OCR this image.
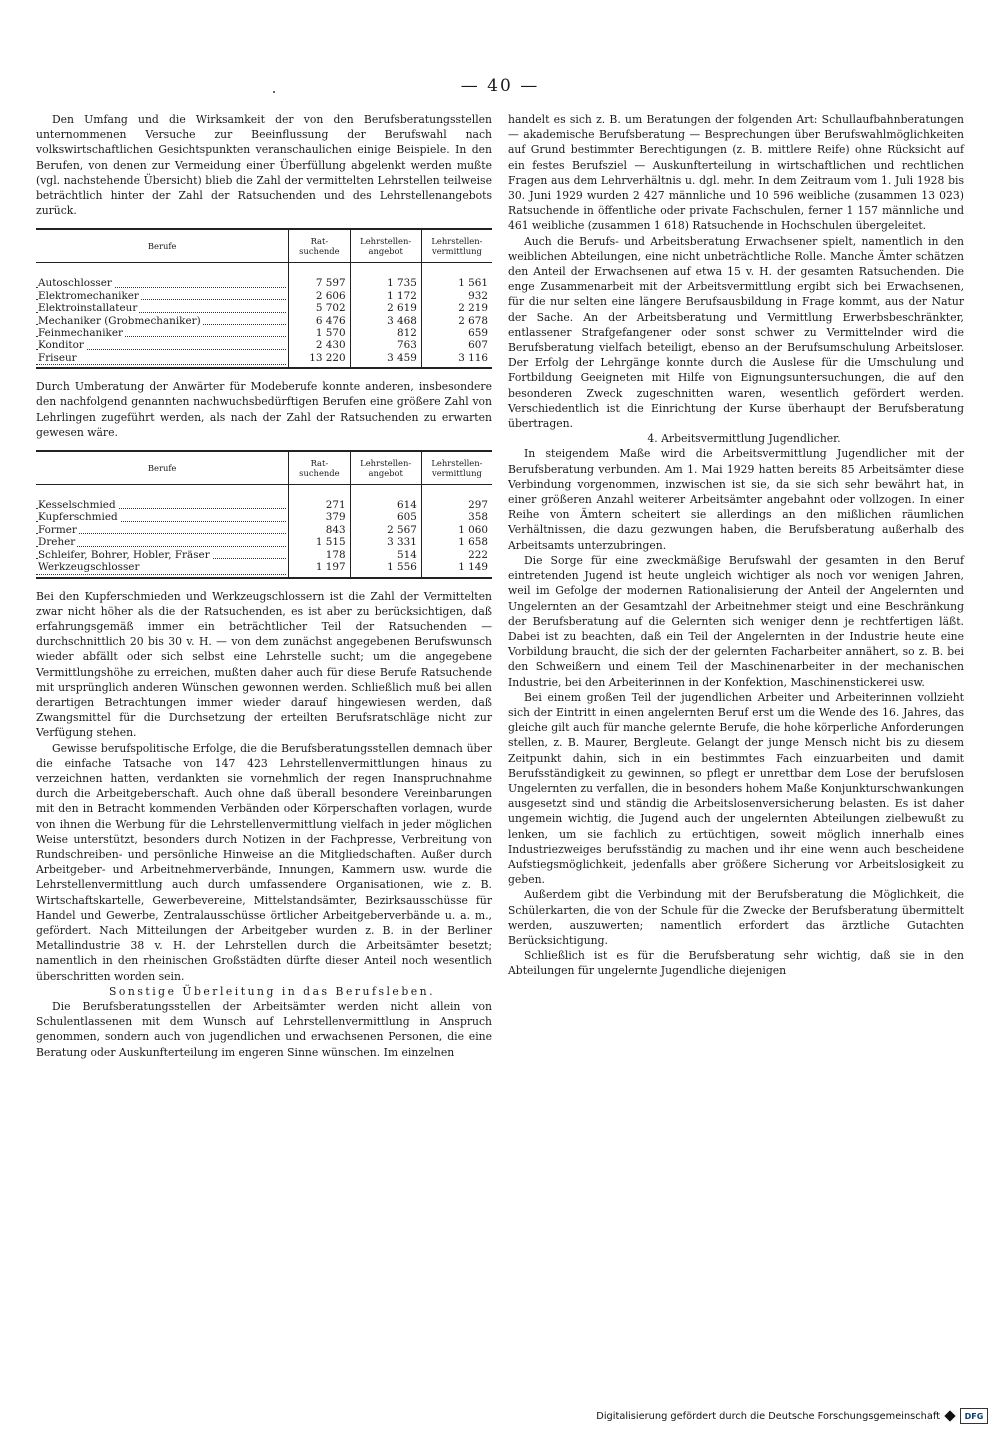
— 40 —

Den Umfang und die Wirksamkeit der von den Berufsberatungsstellen unternommenen Versuche zur Beeinflussung der Berufswahl nach volkswirtschaftlichen Gesichtspunkten veranschaulichen einige Beispiele. In den Berufen, von denen zur Vermeidung einer Überfüllung abgelenkt werden mußte (vgl. nachstehende Übersicht) blieb die Zahl der vermittelten Lehrstellen teilweise beträchtlich hinter der Zahl der Ratsuchenden und des Lehrstellenangebots zurück.

Berufe	Rat-suchende	Lehrstellen-angebot	Lehrstellen-vermittlung

Autoschlosser	7 597	1 735	1 561

Elektromechaniker	2 606	1 172	932

Elektroinstallateur	5 702	2 619	2 219

Mechaniker (Grobmechaniker)	6 476	3 468	2 678

Feinmechaniker	1 570	812	659

Konditor	2 430	763	607

Friseur	13 220	3 459	3 116

Durch Umberatung der Anwärter für Modeberufe konnte anderen, insbesondere den nachfolgend genannten nachwuchsbedürftigen Berufen eine größere Zahl von Lehrlingen zugeführt werden, als nach der Zahl der Ratsuchenden zu erwarten gewesen wäre.

Berufe	Rat-suchende	Lehrstellen-angebot	Lehrstellen-vermittlung

Kesselschmied	271	614	297

Kupferschmied	379	605	358

Former	843	2 567	1 060

Dreher	1 515	3 331	1 658

Schleifer, Bohrer, Hobler, Fräser	178	514	222

Werkzeugschlosser	1 197	1 556	1 149

Bei den Kupferschmieden und Werkzeugschlossern ist die Zahl der Vermittelten zwar nicht höher als die der Ratsuchenden, es ist aber zu berücksichtigen, daß erfahrungsgemäß immer ein beträchtlicher Teil der Ratsuchenden — durchschnittlich 20 bis 30 v. H. — von dem zunächst angegebenen Berufswunsch wieder abfällt oder sich selbst eine Lehrstelle sucht; um die angegebene Vermittlungshöhe zu erreichen, mußten daher auch für diese Berufe Ratsuchende mit ursprünglich anderen Wünschen gewonnen werden. Schließlich muß bei allen derartigen Betrachtungen immer wieder darauf hingewiesen werden, daß Zwangsmittel für die Durchsetzung der erteilten Berufsratschläge nicht zur Verfügung stehen.

Gewisse berufspolitische Erfolge, die die Berufsberatungsstellen demnach über die einfache Tatsache von 147 423 Lehrstellenvermittlungen hinaus zu verzeichnen hatten, verdankten sie vornehmlich der regen Inanspruchnahme durch die Arbeitgeberschaft. Auch ohne daß überall besondere Vereinbarungen mit den in Betracht kommenden Verbänden oder Körperschaften vorlagen, wurde von ihnen die Werbung für die Lehrstellenvermittlung vielfach in jeder möglichen Weise unterstützt, besonders durch Notizen in der Fachpresse, Verbreitung von Rundschreiben- und persönliche Hinweise an die Mitgliedschaften. Außer durch Arbeitgeber- und Arbeitnehmerverbände, Innungen, Kammern usw. wurde die Lehrstellenvermittlung auch durch umfassendere Organisationen, wie z. B. Wirtschaftskartelle, Gewerbevereine, Mittelstandsämter, Bezirksausschüsse für Handel und Gewerbe, Zentralausschüsse örtlicher Arbeitgeberverbände u. a. m., gefördert. Nach Mitteilungen der Arbeitgeber wurden z. B. in der Berliner Metallindustrie 38 v. H. der Lehrstellen durch die Arbeitsämter besetzt; namentlich in den rheinischen Großstädten dürfte dieser Anteil noch wesentlich überschritten worden sein.

Sonstige Überleitung in das Berufsleben.

Die Berufsberatungsstellen der Arbeitsämter werden nicht allein von Schulentlassenen mit dem Wunsch auf Lehrstellenvermittlung in Anspruch genommen, sondern auch von jugendlichen und erwachsenen Personen, die eine Beratung oder Auskunfterteilung im engeren Sinne wünschen. Im einzelnen

handelt es sich z. B. um Beratungen der folgenden Art: Schullaufbahnberatungen — akademische Berufsberatung — Besprechungen über Berufswahlmöglichkeiten auf Grund bestimmter Berechtigungen (z. B. mittlere Reife) ohne Rücksicht auf ein festes Berufsziel — Auskunfterteilung in wirtschaftlichen und rechtlichen Fragen aus dem Lehrverhältnis u. dgl. mehr. In dem Zeitraum vom 1. Juli 1928 bis 30. Juni 1929 wurden 2 427 männliche und 10 596 weibliche (zusammen 13 023) Ratsuchende in öffentliche oder private Fachschulen, ferner 1 157 männliche und 461 weibliche (zusammen 1 618) Ratsuchende in Hochschulen übergeleitet.

Auch die Berufs- und Arbeitsberatung Erwachsener spielt, namentlich in den weiblichen Abteilungen, eine nicht unbeträchtliche Rolle. Manche Ämter schätzen den Anteil der Erwachsenen auf etwa 15 v. H. der gesamten Ratsuchenden. Die enge Zusammenarbeit mit der Arbeitsvermittlung ergibt sich bei Erwachsenen, für die nur selten eine längere Berufsausbildung in Frage kommt, aus der Natur der Sache. An der Arbeitsberatung und Vermittlung Erwerbsbeschränkter, entlassener Strafgefangener oder sonst schwer zu Vermittelnder wird die Berufsberatung vielfach beteiligt, ebenso an der Berufsumschulung Arbeitsloser. Der Erfolg der Lehrgänge konnte durch die Auslese für die Umschulung und Fortbildung Geeigneten mit Hilfe von Eignungsuntersuchungen, die auf den besonderen Zweck zugeschnitten waren, wesentlich gefördert werden. Verschiedentlich ist die Einrichtung der Kurse überhaupt der Berufsberatung übertragen.

4. Arbeitsvermittlung Jugendlicher.

In steigendem Maße wird die Arbeitsvermittlung Jugendlicher mit der Berufsberatung verbunden. Am 1. Mai 1929 hatten bereits 85 Arbeitsämter diese Verbindung vorgenommen, inzwischen ist sie, da sie sich sehr bewährt hat, in einer größeren Anzahl weiterer Arbeitsämter angebahnt oder vollzogen. In einer Reihe von Ämtern scheitert sie allerdings an den mißlichen räumlichen Verhältnissen, die dazu gezwungen haben, die Berufsberatung außerhalb des Arbeitsamts unterzubringen.

Die Sorge für eine zweckmäßige Berufswahl der gesamten in den Beruf eintretenden Jugend ist heute ungleich wichtiger als noch vor wenigen Jahren, weil im Gefolge der modernen Rationalisierung der Anteil der Angelernten und Ungelernten an der Gesamtzahl der Arbeitnehmer steigt und eine Beschränkung der Berufsberatung auf die Gelernten sich weniger denn je rechtfertigen läßt. Dabei ist zu beachten, daß ein Teil der Angelernten in der Industrie heute eine Vorbildung braucht, die sich der der gelernten Facharbeiter annähert, so z. B. bei den Schweißern und einem Teil der Maschinenarbeiter in der mechanischen Industrie, bei den Arbeiterinnen in der Konfektion, Maschinenstickerei usw.

Bei einem großen Teil der jugendlichen Arbeiter und Arbeiterinnen vollzieht sich der Eintritt in einen angelernten Beruf erst um die Wende des 16. Jahres, das gleiche gilt auch für manche gelernte Berufe, die hohe körperliche Anforderungen stellen, z. B. Maurer, Bergleute. Gelangt der junge Mensch nicht bis zu diesem Zeitpunkt dahin, sich in ein bestimmtes Fach einzuarbeiten und damit Berufsständigkeit zu gewinnen, so pflegt er unrettbar dem Lose der berufslosen Ungelernten zu verfallen, die in besonders hohem Maße Konjunkturschwankungen ausgesetzt sind und ständig die Arbeitslosenversicherung belasten. Es ist daher ungemein wichtig, die Jugend auch der ungelernten Abteilungen zielbewußt zu lenken, um sie fachlich zu ertüchtigen, soweit möglich innerhalb eines Industriezweiges berufsständig zu machen und ihr eine wenn auch bescheidene Aufstiegsmöglichkeit, jedenfalls aber größere Sicherung vor Arbeitslosigkeit zu geben.

Außerdem gibt die Verbindung mit der Berufsberatung die Möglichkeit, die Schülerkarten, die von der Schule für die Zwecke der Berufsberatung übermittelt werden, auszuwerten; namentlich erfordert das ärztliche Gutachten Berücksichtigung.

Schließlich ist es für die Berufsberatung sehr wichtig, daß sie in den Abteilungen für ungelernte Jugendliche diejenigen

Digitalisierung gefördert durch die Deutsche Forschungsgemeinschaft	DFG
